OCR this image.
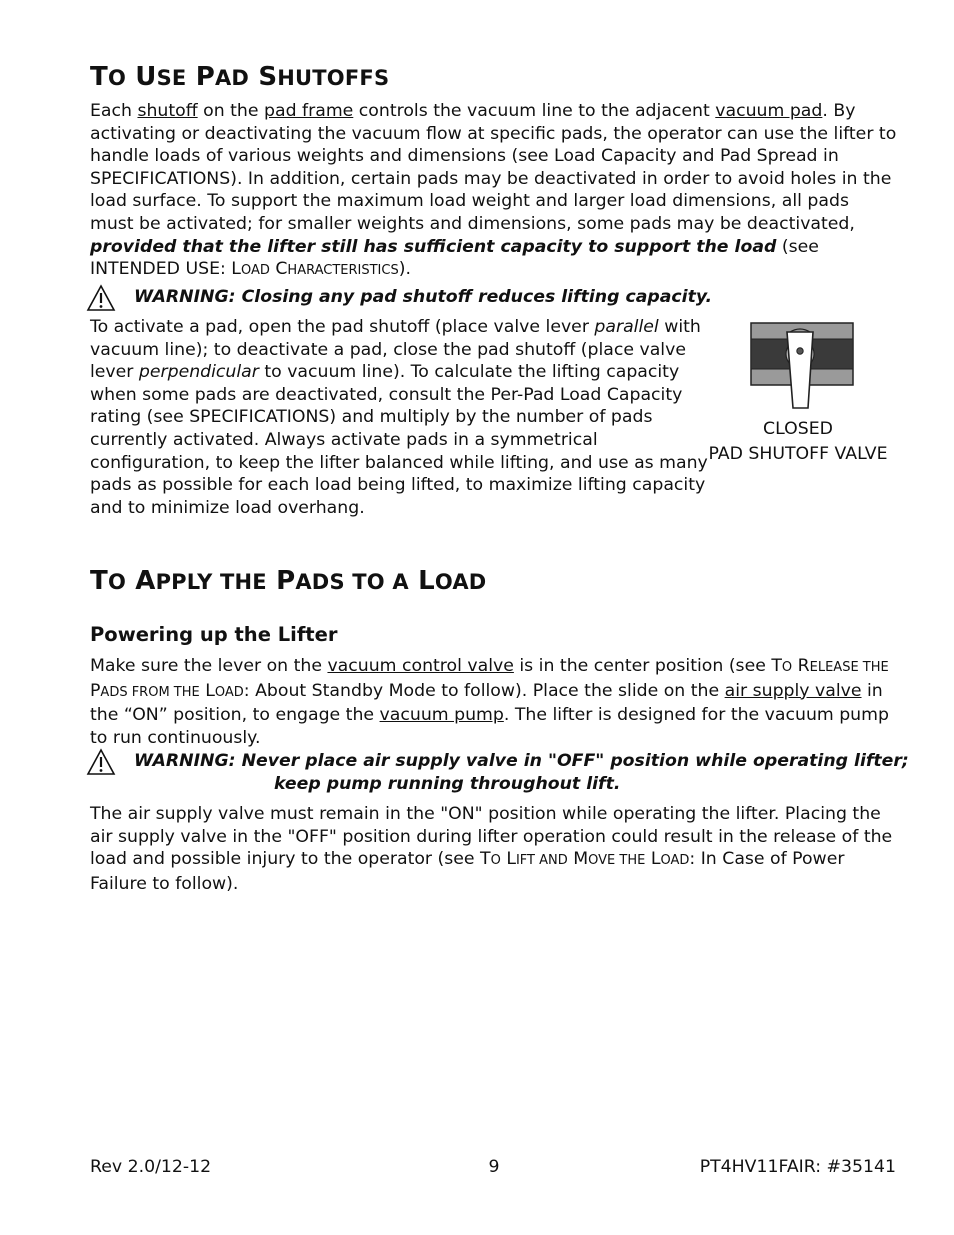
TO USE PAD SHUTOFFS

Each shutoff on the pad frame controls the vacuum line to the adjacent vacuum pad. By activating or deactivating the vacuum flow at specific pads, the operator can use the lifter to handle loads of various weights and dimensions (see Load Capacity and Pad Spread in SPECIFICATIONS). In addition, certain pads may be deactivated in order to avoid holes in the load surface. To support the maximum load weight and larger load dimensions, all pads must be activated; for smaller weights and dimensions, some pads may be deactivated, provided that the lifter still has sufficient capacity to support the load (see INTENDED USE: LOAD CHARACTERISTICS).

WARNING: Closing any pad shutoff reduces lifting capacity.

To activate a pad, open the pad shutoff (place valve lever parallel with vacuum line); to deactivate a pad, close the pad shutoff (place valve lever perpendicular to vacuum line). To calculate the lifting capacity when some pads are deactivated, consult the Per-Pad Load Capacity rating (see SPECIFICATIONS) and multiply by the number of pads currently activated. Always activate pads in a symmetrical configuration, to keep the lifter balanced while lifting, and use as many pads as possible for each load being lifted, to maximize lifting capacity and to minimize load overhang.

CLOSED
PAD SHUTOFF VALVE
TO APPLY THE PADS TO A LOAD
Powering up the Lifter

Make sure the lever on the vacuum control valve is in the center position (see TO RELEASE THE PADS FROM THE LOAD: About Standby Mode to follow). Place the slide on the air supply valve in the “ON” position, to engage the vacuum pump. The lifter is designed for the vacuum pump to run continuously.

WARNING: Never place air supply valve in "OFF" position while operating lifter;
keep pump running throughout lift.

The air supply valve must remain in the "ON" position while operating the lifter. Placing the air supply valve in the "OFF" position during lifter operation could result in the release of the load and possible injury to the operator (see TO LIFT AND MOVE THE LOAD: In Case of Power Failure to follow).

Rev 2.0/12-12	9	PT4HV11FAIR: #35141
